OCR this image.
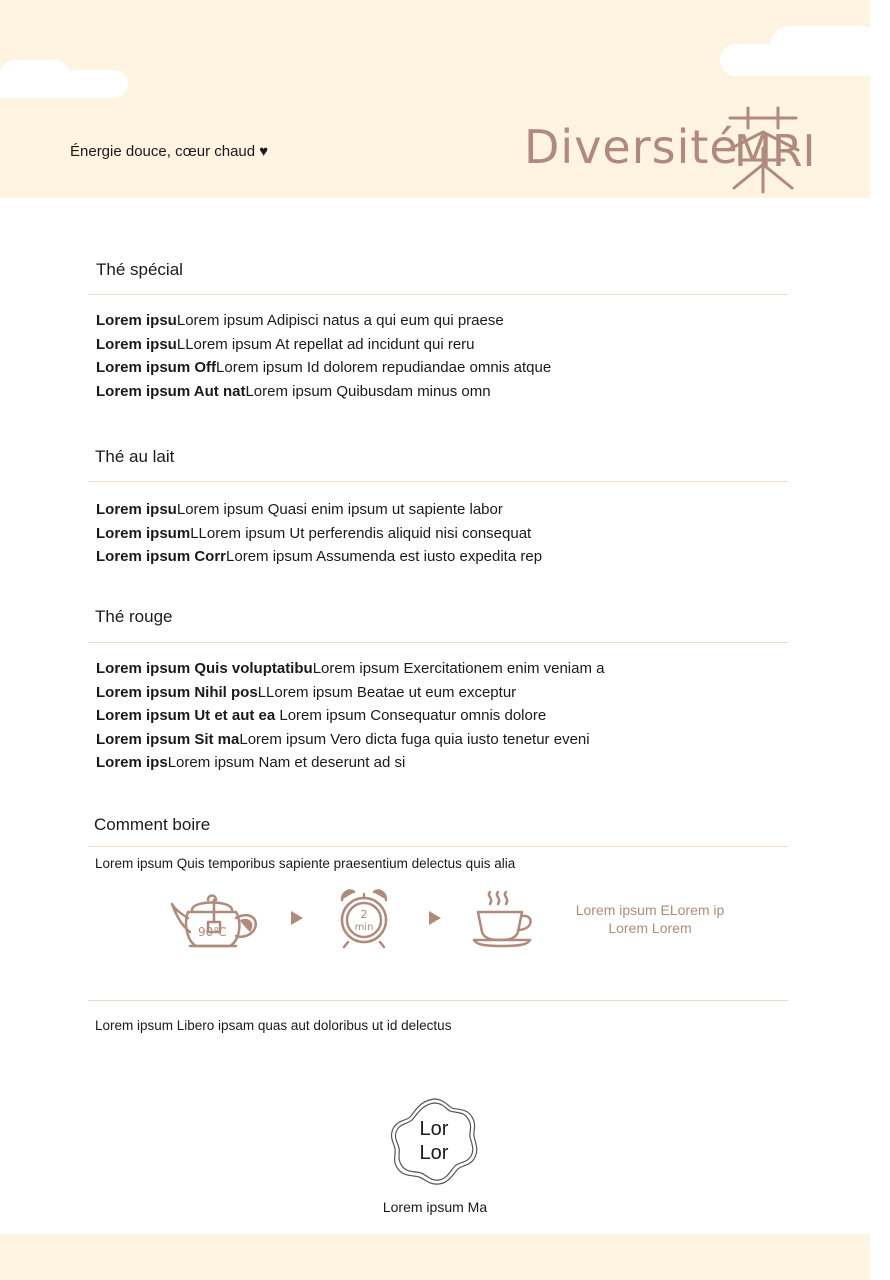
Énergie douce, cœur chaud ♥	Diversité
MRI
Thé spécial
Lorem ipsuLorem ipsum Adipisci natus a qui eum qui praese
Lorem ipsuLLorem ipsum At repellat ad incidunt qui reru
Lorem ipsum OffLorem ipsum Id dolorem repudiandae omnis atque
Lorem ipsum Aut natLorem ipsum Quibusdam minus omn
Thé au lait
Lorem ipsuLorem ipsum Quasi enim ipsum ut sapiente labor
Lorem ipsumLLorem ipsum Ut perferendis aliquid nisi consequat
Lorem ipsum CorrLorem ipsum Assumenda est iusto expedita rep
Thé rouge
Lorem ipsum Quis voluptatibuLorem ipsum Exercitationem enim veniam a
Lorem ipsum Nihil posLLorem ipsum Beatae ut eum exceptur
Lorem ipsum Ut et aut ea Lorem ipsum Consequatur omnis dolore
Lorem ipsum Sit maLorem ipsum Vero dicta fuga quia iusto tenetur eveni
Lorem ipsLorem ipsum Nam et deserunt ad si
Comment boire
Lorem ipsum Quis temporibus sapiente praesentium delectus quis alia
90℃
2
min
Lorem ipsum ELorem ip
Lorem Lorem
Lorem ipsum Libero ipsam quas aut doloribus ut id delectus
Lor
Lor
Lorem ipsum Ma
